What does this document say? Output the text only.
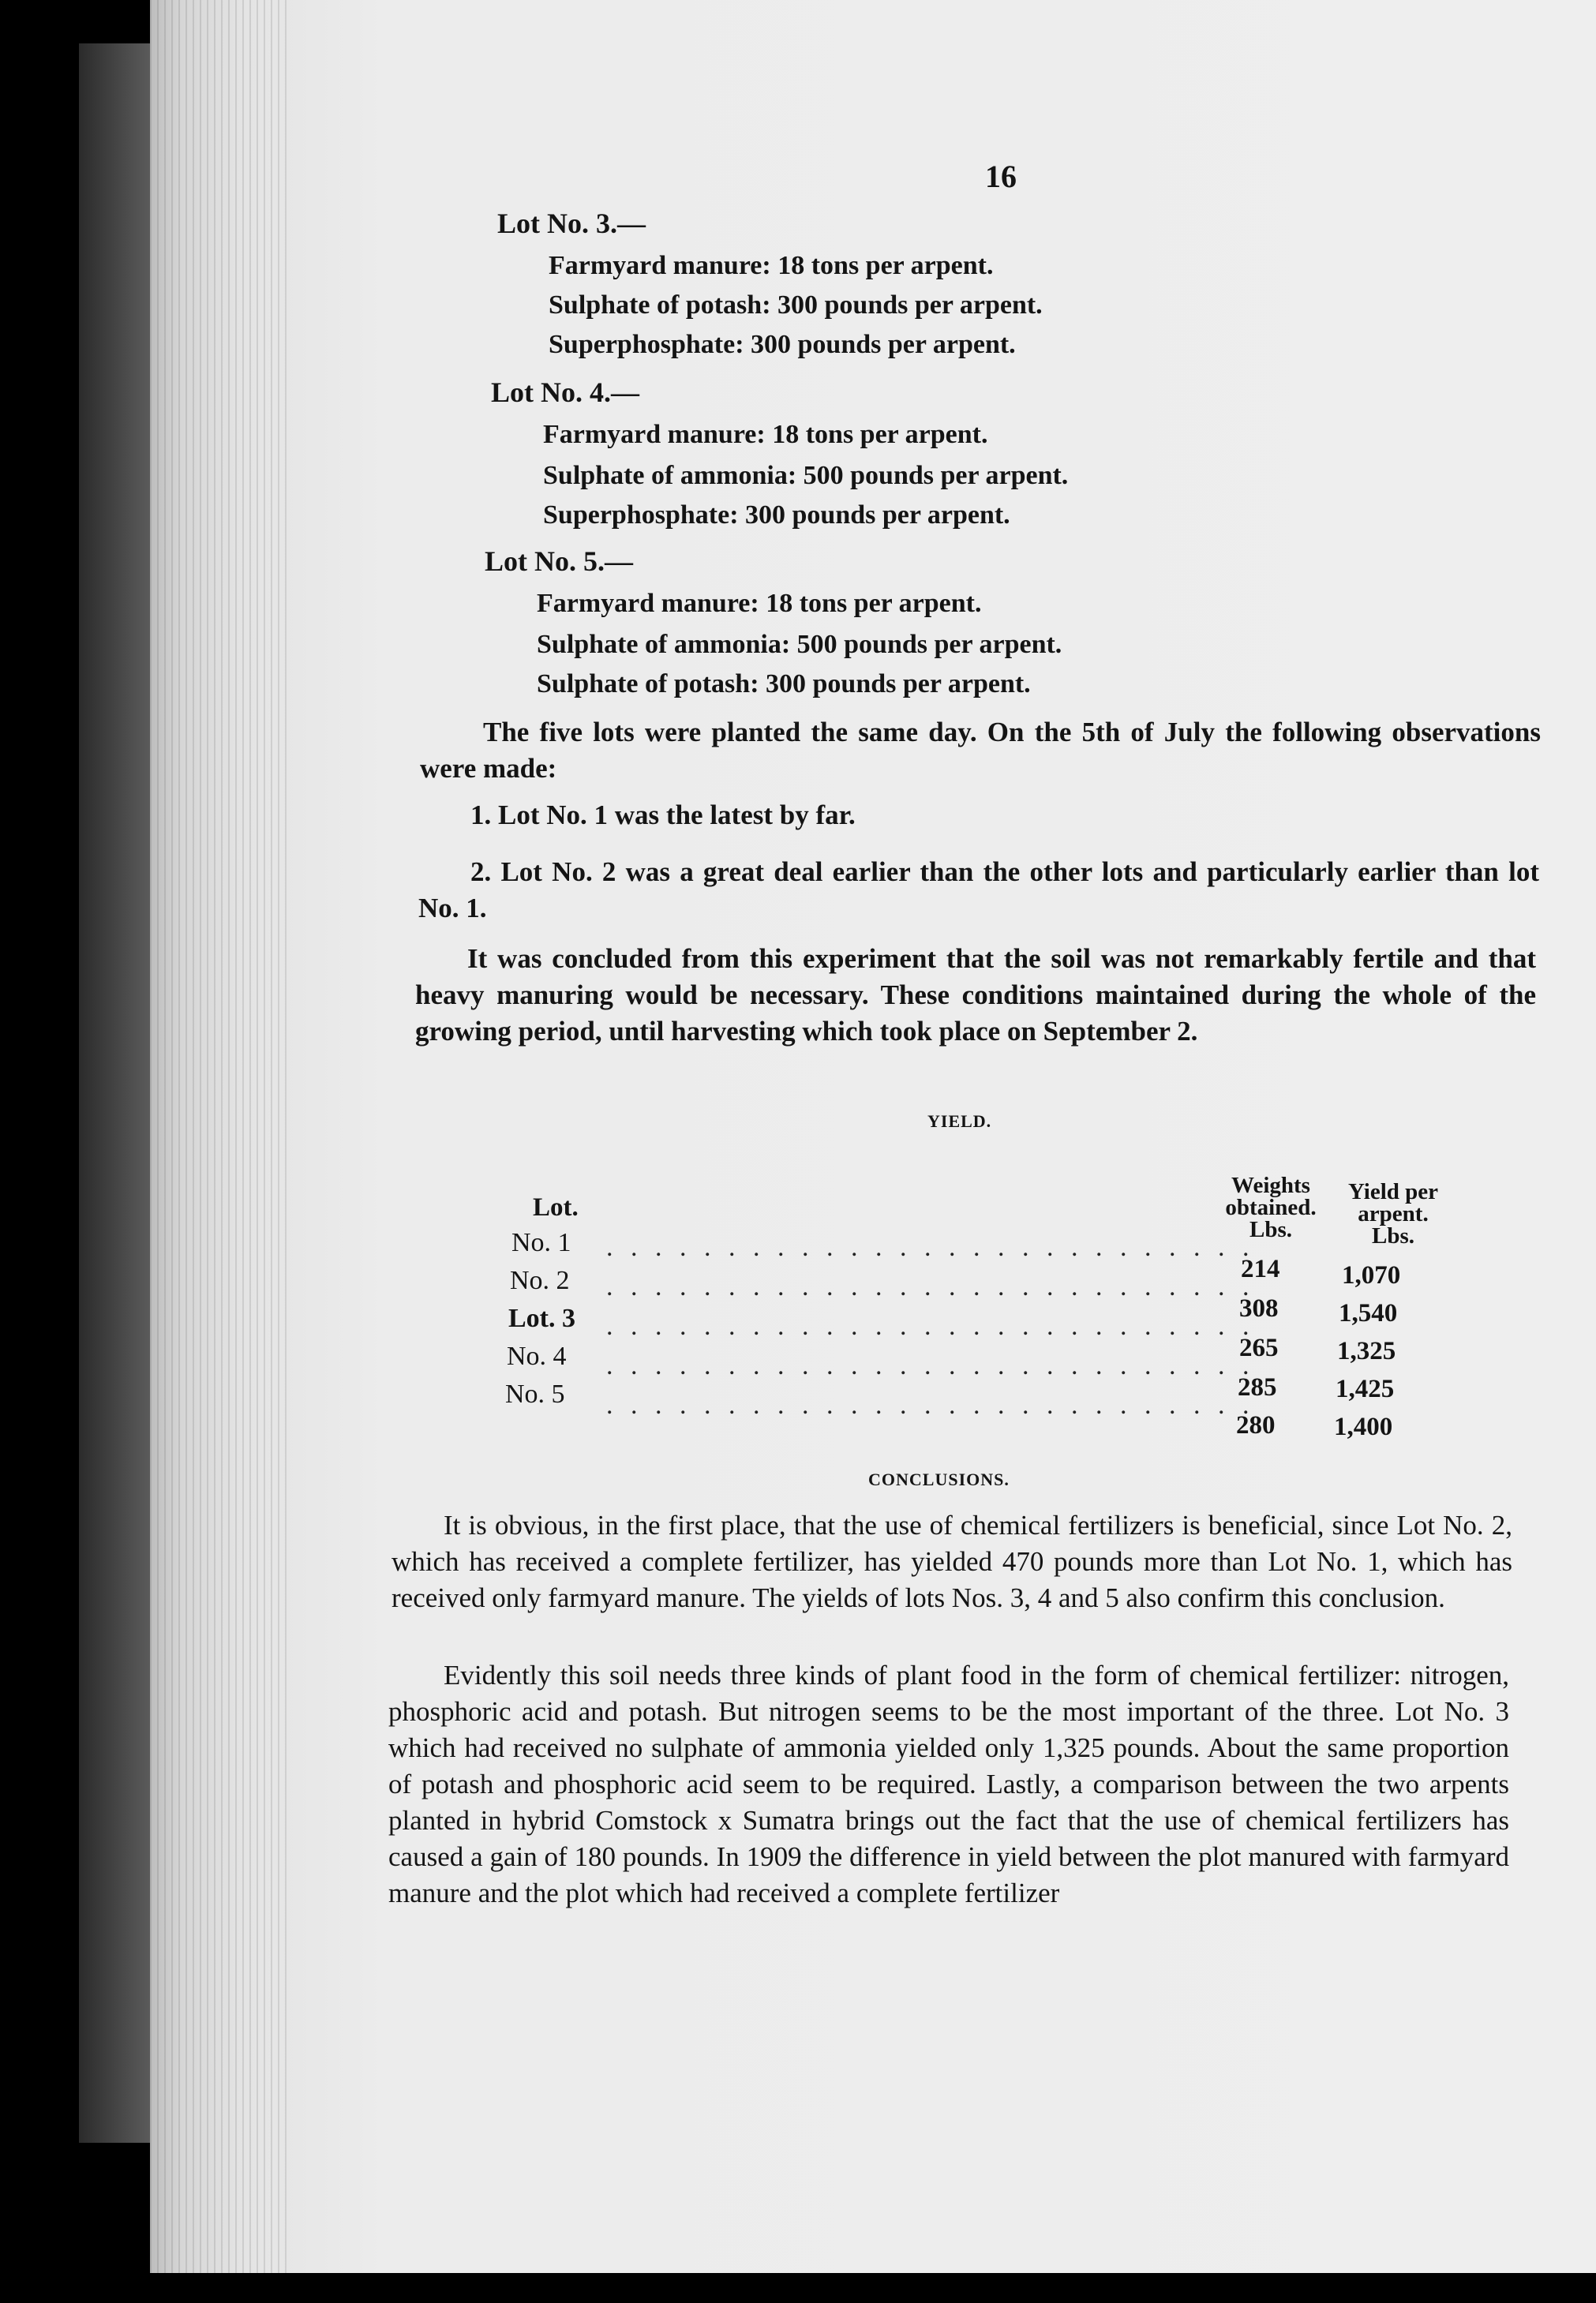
16

Lot No. 3.—

Farmyard manure: 18 tons per arpent.

Sulphate of potash: 300 pounds per arpent.

Superphosphate: 300 pounds per arpent.

Lot No. 4.—

Farmyard manure: 18 tons per arpent.

Sulphate of ammonia: 500 pounds per arpent.

Superphosphate: 300 pounds per arpent.

Lot No. 5.—

Farmyard manure: 18 tons per arpent.

Sulphate of ammonia: 500 pounds per arpent.

Sulphate of potash: 300 pounds per arpent.

The five lots were planted the same day. On the 5th of July the following observations were made:

1. Lot No. 1 was the latest by far.

2. Lot No. 2 was a great deal earlier than the other lots and particularly earlier than lot No. 1.

It was concluded from this experiment that the soil was not remarkably fertile and that heavy manuring would be necessary. These conditions maintained during the whole of the growing period, until harvesting which took place on September 2.

YIELD.

Lot.

Weights
obtained.
Lbs.
Yield per
arpent.
Lbs.
No. 1 . . . . . . . . . . . . . . . . . . . . . . . . . . .
214 1,070
No. 2 . . . . . . . . . . . . . . . . . . . . . . . . . . .
308 1,540
Lot. 3 . . . . . . . . . . . . . . . . . . . . . . . . . . .
265 1,325
No. 4 . . . . . . . . . . . . . . . . . . . . . . . . . . .
285 1,425
No. 5 . . . . . . . . . . . . . . . . . . . . . . . . . . .
280 1,400

CONCLUSIONS.

It is obvious, in the first place, that the use of chemical fertilizers is beneficial, since Lot No. 2, which has received a complete fertilizer, has yielded 470 pounds more than Lot No. 1, which has received only farmyard manure. The yields of lots Nos. 3, 4 and 5 also confirm this conclusion.

Evidently this soil needs three kinds of plant food in the form of chemical fertilizer: nitrogen, phosphoric acid and potash. But nitrogen seems to be the most important of the three. Lot No. 3 which had received no sulphate of ammonia yielded only 1,325 pounds. About the same proportion of potash and phosphoric acid seem to be required. Lastly, a comparison between the two arpents planted in hybrid Comstock x Sumatra brings out the fact that the use of chemical fertilizers has caused a gain of 180 pounds. In 1909 the difference in yield between the plot manured with farmyard manure and the plot which had received a complete fertilizer
